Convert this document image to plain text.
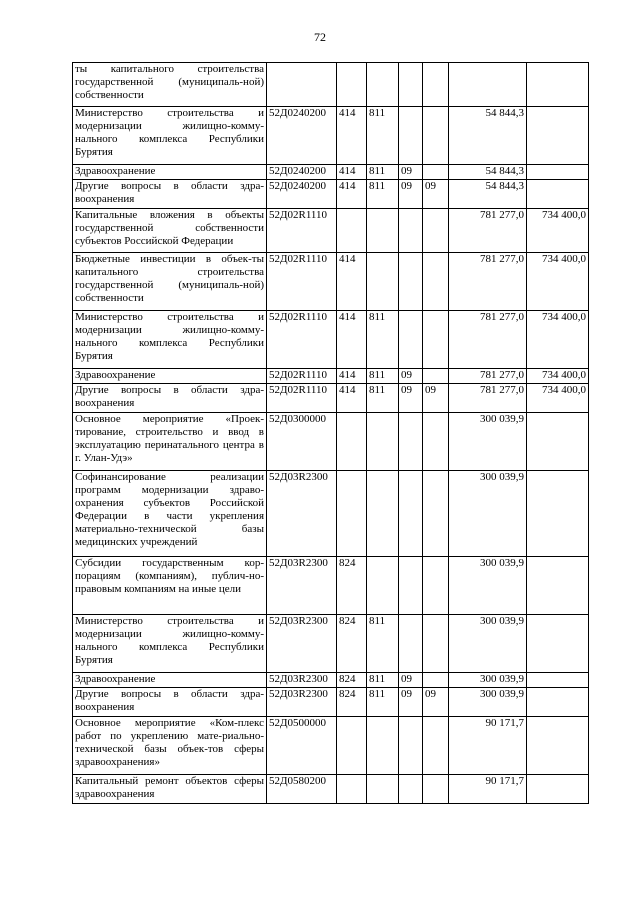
72
ты капитального строительства государственной (муниципаль-ной) собственности							
Министерство строительства и модернизации жилищно-комму-нального комплекса Республики Бурятия	52Д0240200	414	811			54 844,3	
Здравоохранение	52Д0240200	414	811	09		54 844,3	
Другие вопросы в области здра-воохранения	52Д0240200	414	811	09	09	54 844,3	
Капитальные вложения в объекты государственной собственности субъектов Российской Федерации	52Д02R1110					781 277,0	734 400,0
Бюджетные инвестиции в объек-ты капитального строительства государственной (муниципаль-ной) собственности	52Д02R1110	414				781 277,0	734 400,0
Министерство строительства и модернизации жилищно-комму-нального комплекса Республики Бурятия	52Д02R1110	414	811			781 277,0	734 400,0
Здравоохранение	52Д02R1110	414	811	09		781 277,0	734 400,0
Другие вопросы в области здра-воохранения	52Д02R1110	414	811	09	09	781 277,0	734 400,0
Основное мероприятие «Проек-тирование, строительство и ввод в эксплуатацию перинатального центра в г. Улан-Удэ»	52Д0300000					300 039,9	
Софинансирование реализации программ модернизации здраво-охранения субъектов Российской Федерации в части укрепления материально-технической базы медицинских учреждений	52Д03R2300					300 039,9	
Субсидии государственным кор-порациям (компаниям), публич-но-правовым компаниям на иные цели	52Д03R2300	824				300 039,9	
Министерство строительства и модернизации жилищно-комму-нального комплекса Республики Бурятия	52Д03R2300	824	811			300 039,9	
Здравоохранение	52Д03R2300	824	811	09		300 039,9	
Другие вопросы в области здра-воохранения	52Д03R2300	824	811	09	09	300 039,9	
Основное мероприятие «Ком-плекс работ по укреплению мате-риально-технической базы объек-тов сферы здравоохранения»	52Д0500000					90 171,7	
Капитальный ремонт объектов сферы здравоохранения	52Д0580200					90 171,7	
